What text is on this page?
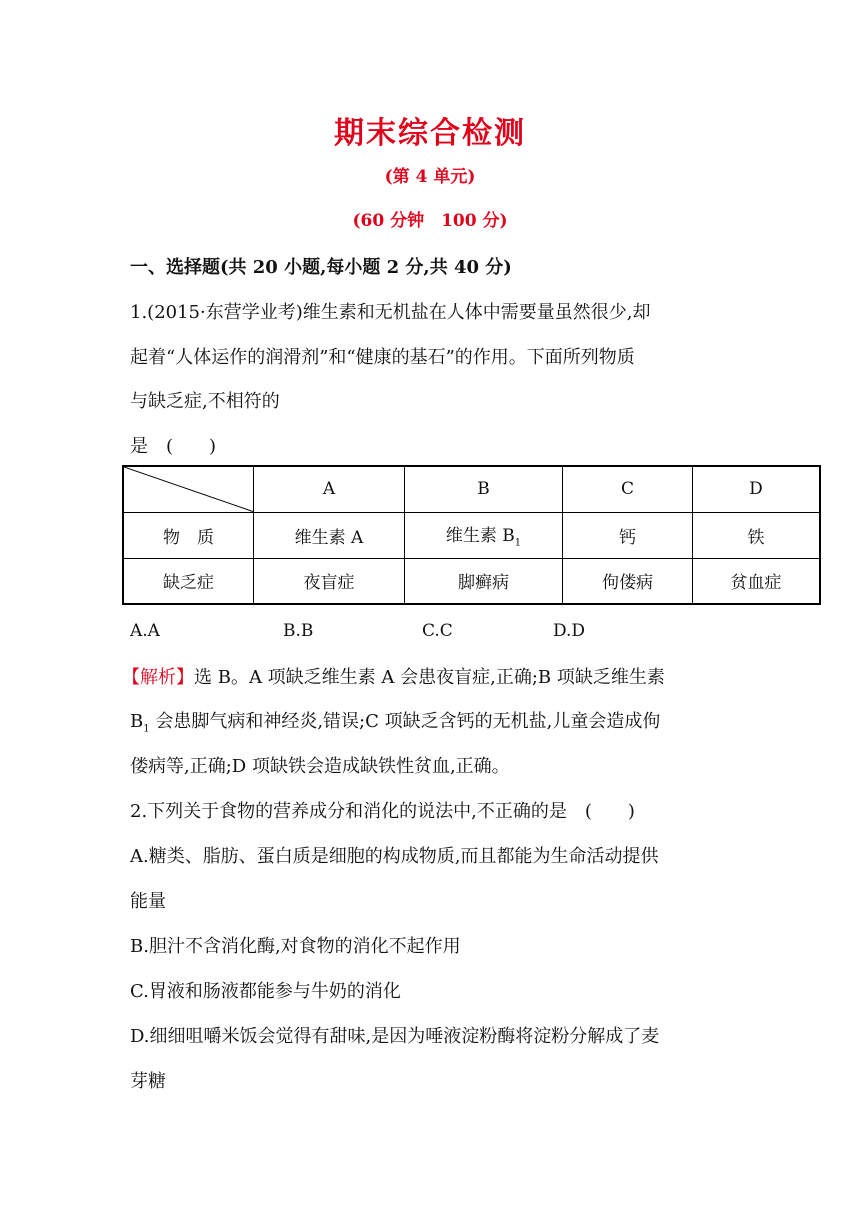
期末综合检测
(第 4 单元)
(60 分钟　100 分)
一、选择题(共 20 小题,每小题 2 分,共 40 分)
1.(2015·东营学业考)维生素和无机盐在人体中需要量虽然很少,却
起着“人体运作的润滑剂”和“健康的基石”的作用。下面所列物质
与缺乏症,不相符的
是　(　　)
	A	B	C	D
物　质	维生素 A	维生素 $B_1$	钙	铁
缺乏症	夜盲症	脚癣病	佝偻病	贫血症
A.A	B.B	C.C	D.D
【解析】选 B。A 项缺乏维生素 A 会患夜盲症,正确;B 项缺乏维生素
$B_1$ 会患脚气病和神经炎,错误;C 项缺乏含钙的无机盐,儿童会造成佝
偻病等,正确;D 项缺铁会造成缺铁性贫血,正确。
2.下列关于食物的营养成分和消化的说法中,不正确的是　(　　)
A.糖类、脂肪、蛋白质是细胞的构成物质,而且都能为生命活动提供
能量
B.胆汁不含消化酶,对食物的消化不起作用
C.胃液和肠液都能参与牛奶的消化
D.细细咀嚼米饭会觉得有甜味,是因为唾液淀粉酶将淀粉分解成了麦
芽糖
